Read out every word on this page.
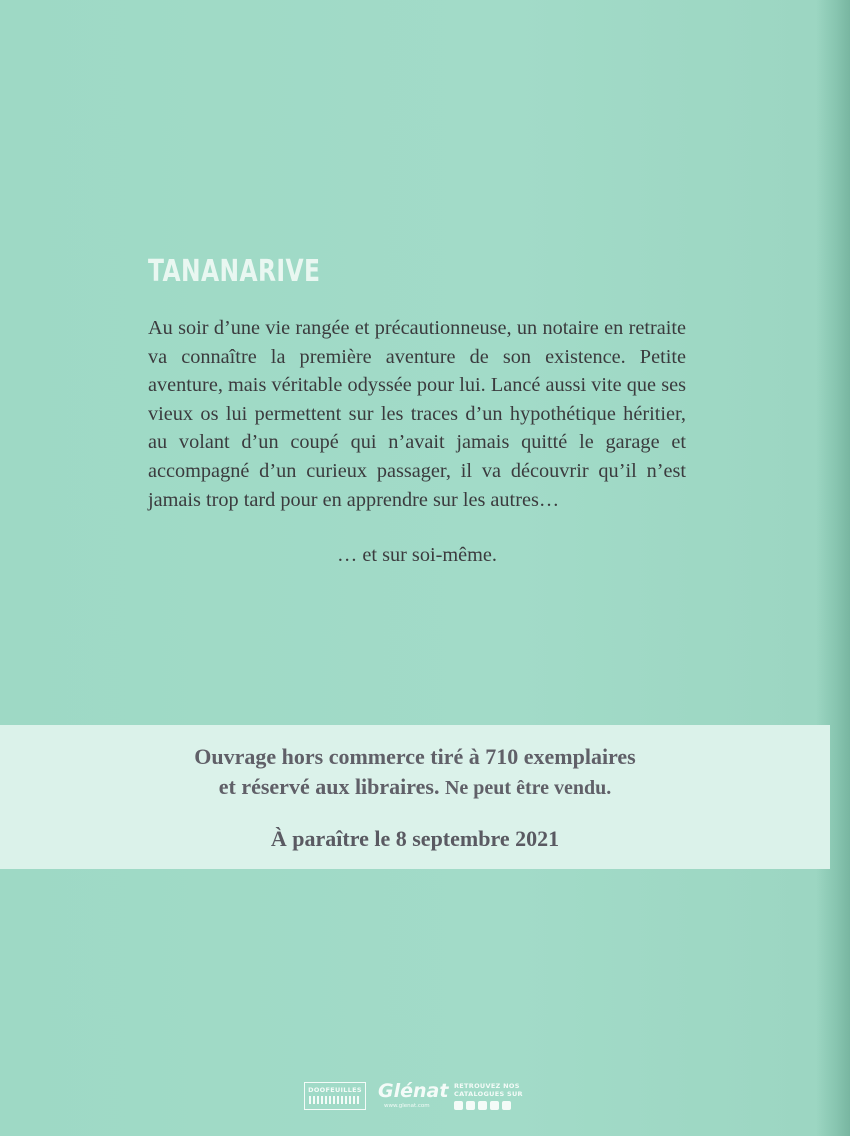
TANANARIVE

Au soir d’une vie rangée et précautionneuse, un notaire en retraite va connaître la première aventure de son existence. Petite aventure, mais véritable odyssée pour lui. Lancé aussi vite que ses vieux os lui permettent sur les traces d’un hypothétique héritier, au volant d’un coupé qui n’avait jamais quitté le garage et accompagné d’un curieux passager, il va découvrir qu’il n’est jamais trop tard pour en apprendre sur les autres…

… et sur soi-même.

Ouvrage hors commerce tiré à 710 exemplaires
et réservé aux libraires. Ne peut être vendu.

À paraître le 8 septembre 2021

DOOFEUILLES Glénat
www.glenat.com
RETROUVEZ NOS CATALOGUES SUR
